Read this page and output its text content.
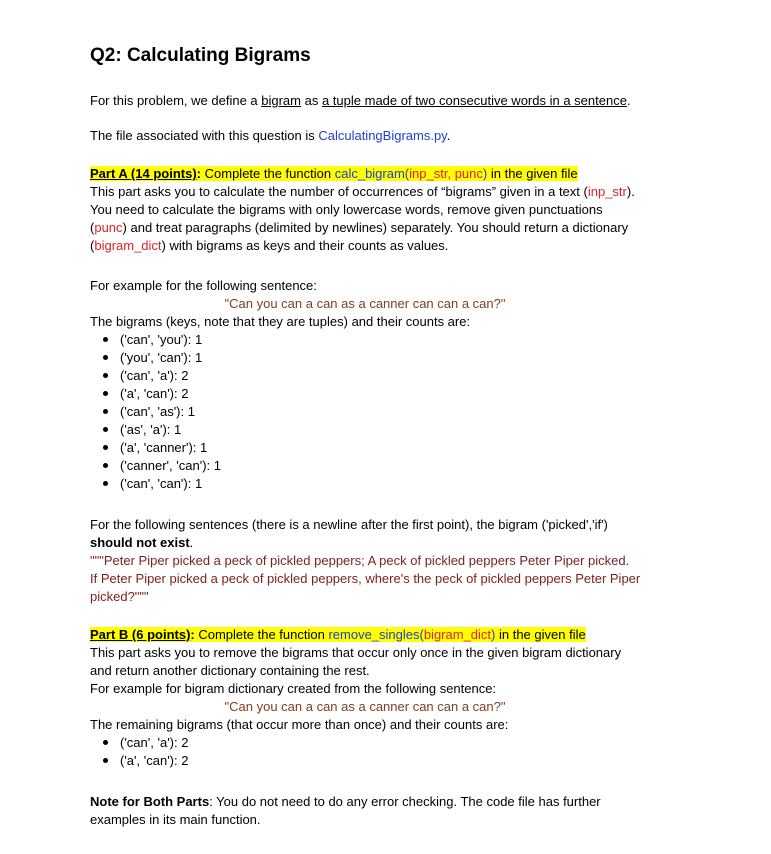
Q2: Calculating Bigrams
For this problem, we define a bigram as a tuple made of two consecutive words in a sentence.
The file associated with this question is CalculatingBigrams.py.
Part A (14 points): Complete the function calc_bigram(inp_str, punc) in the given file
This part asks you to calculate the number of occurrences of “bigrams” given in a text (inp_str).
You need to calculate the bigrams with only lowercase words, remove given punctuations
(punc) and treat paragraphs (delimited by newlines) separately. You should return a dictionary
(bigram_dict) with bigrams as keys and their counts as values.
For example for the following sentence:
"Can you can a can as a canner can can a can?"
The bigrams (keys, note that they are tuples) and their counts are:
('can', 'you'): 1
('you', 'can'): 1
('can', 'a'): 2
('a', 'can'): 2
('can', 'as'): 1
('as', 'a'): 1
('a', 'canner'): 1
('canner', 'can'): 1
('can', 'can'): 1
For the following sentences (there is a newline after the first point), the bigram ('picked','if')
should not exist.
"""Peter Piper picked a peck of pickled peppers; A peck of pickled peppers Peter Piper picked.
If Peter Piper picked a peck of pickled peppers, where's the peck of pickled peppers Peter Piper
picked?"""
Part B (6 points): Complete the function remove_singles(bigram_dict) in the given file
This part asks you to remove the bigrams that occur only once in the given bigram dictionary
and return another dictionary containing the rest.
For example for bigram dictionary created from the following sentence:
"Can you can a can as a canner can can a can?"
The remaining bigrams (that occur more than once) and their counts are:
('can', 'a'): 2
('a', 'can'): 2
Note for Both Parts: You do not need to do any error checking. The code file has further
examples in its main function.
